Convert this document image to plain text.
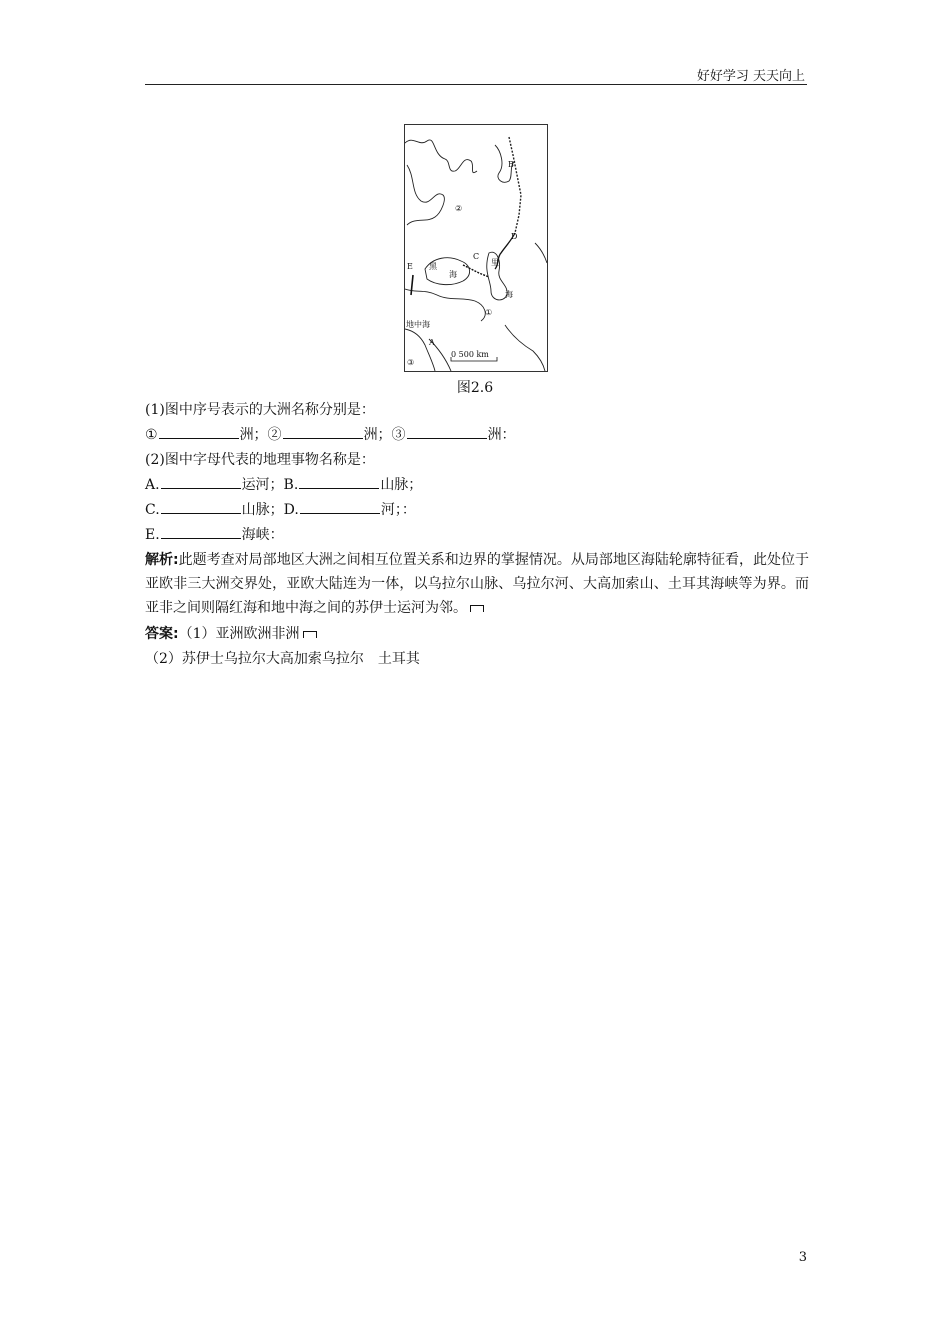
好好学习 天天向上
B
D
C
E
A
②
①
③
黑
海
里
海
地中海
0 500 km
图2.6
(1)图中序号表示的大洲名称分别是：
①	洲；②	洲；③	洲：
(2)图中字母代表的地理事物名称是：
A.	运河；B.	山脉；
C.	山脉；D.	河；：
E.	海峡：
解析:此题考查对局部地区大洲之间相互位置关系和边界的掌握情况。从局部地区海陆轮廓特征看，此处位于亚欧非三大洲交界处，亚欧大陆连为一体，以乌拉尔山脉、乌拉尔河、大高加索山、土耳其海峡等为界。而亚非之间则隔红海和地中海之间的苏伊士运河为邻。
答案:（1）亚洲欧洲非洲
（2）苏伊士乌拉尔大高加索乌拉尔　土耳其
3
